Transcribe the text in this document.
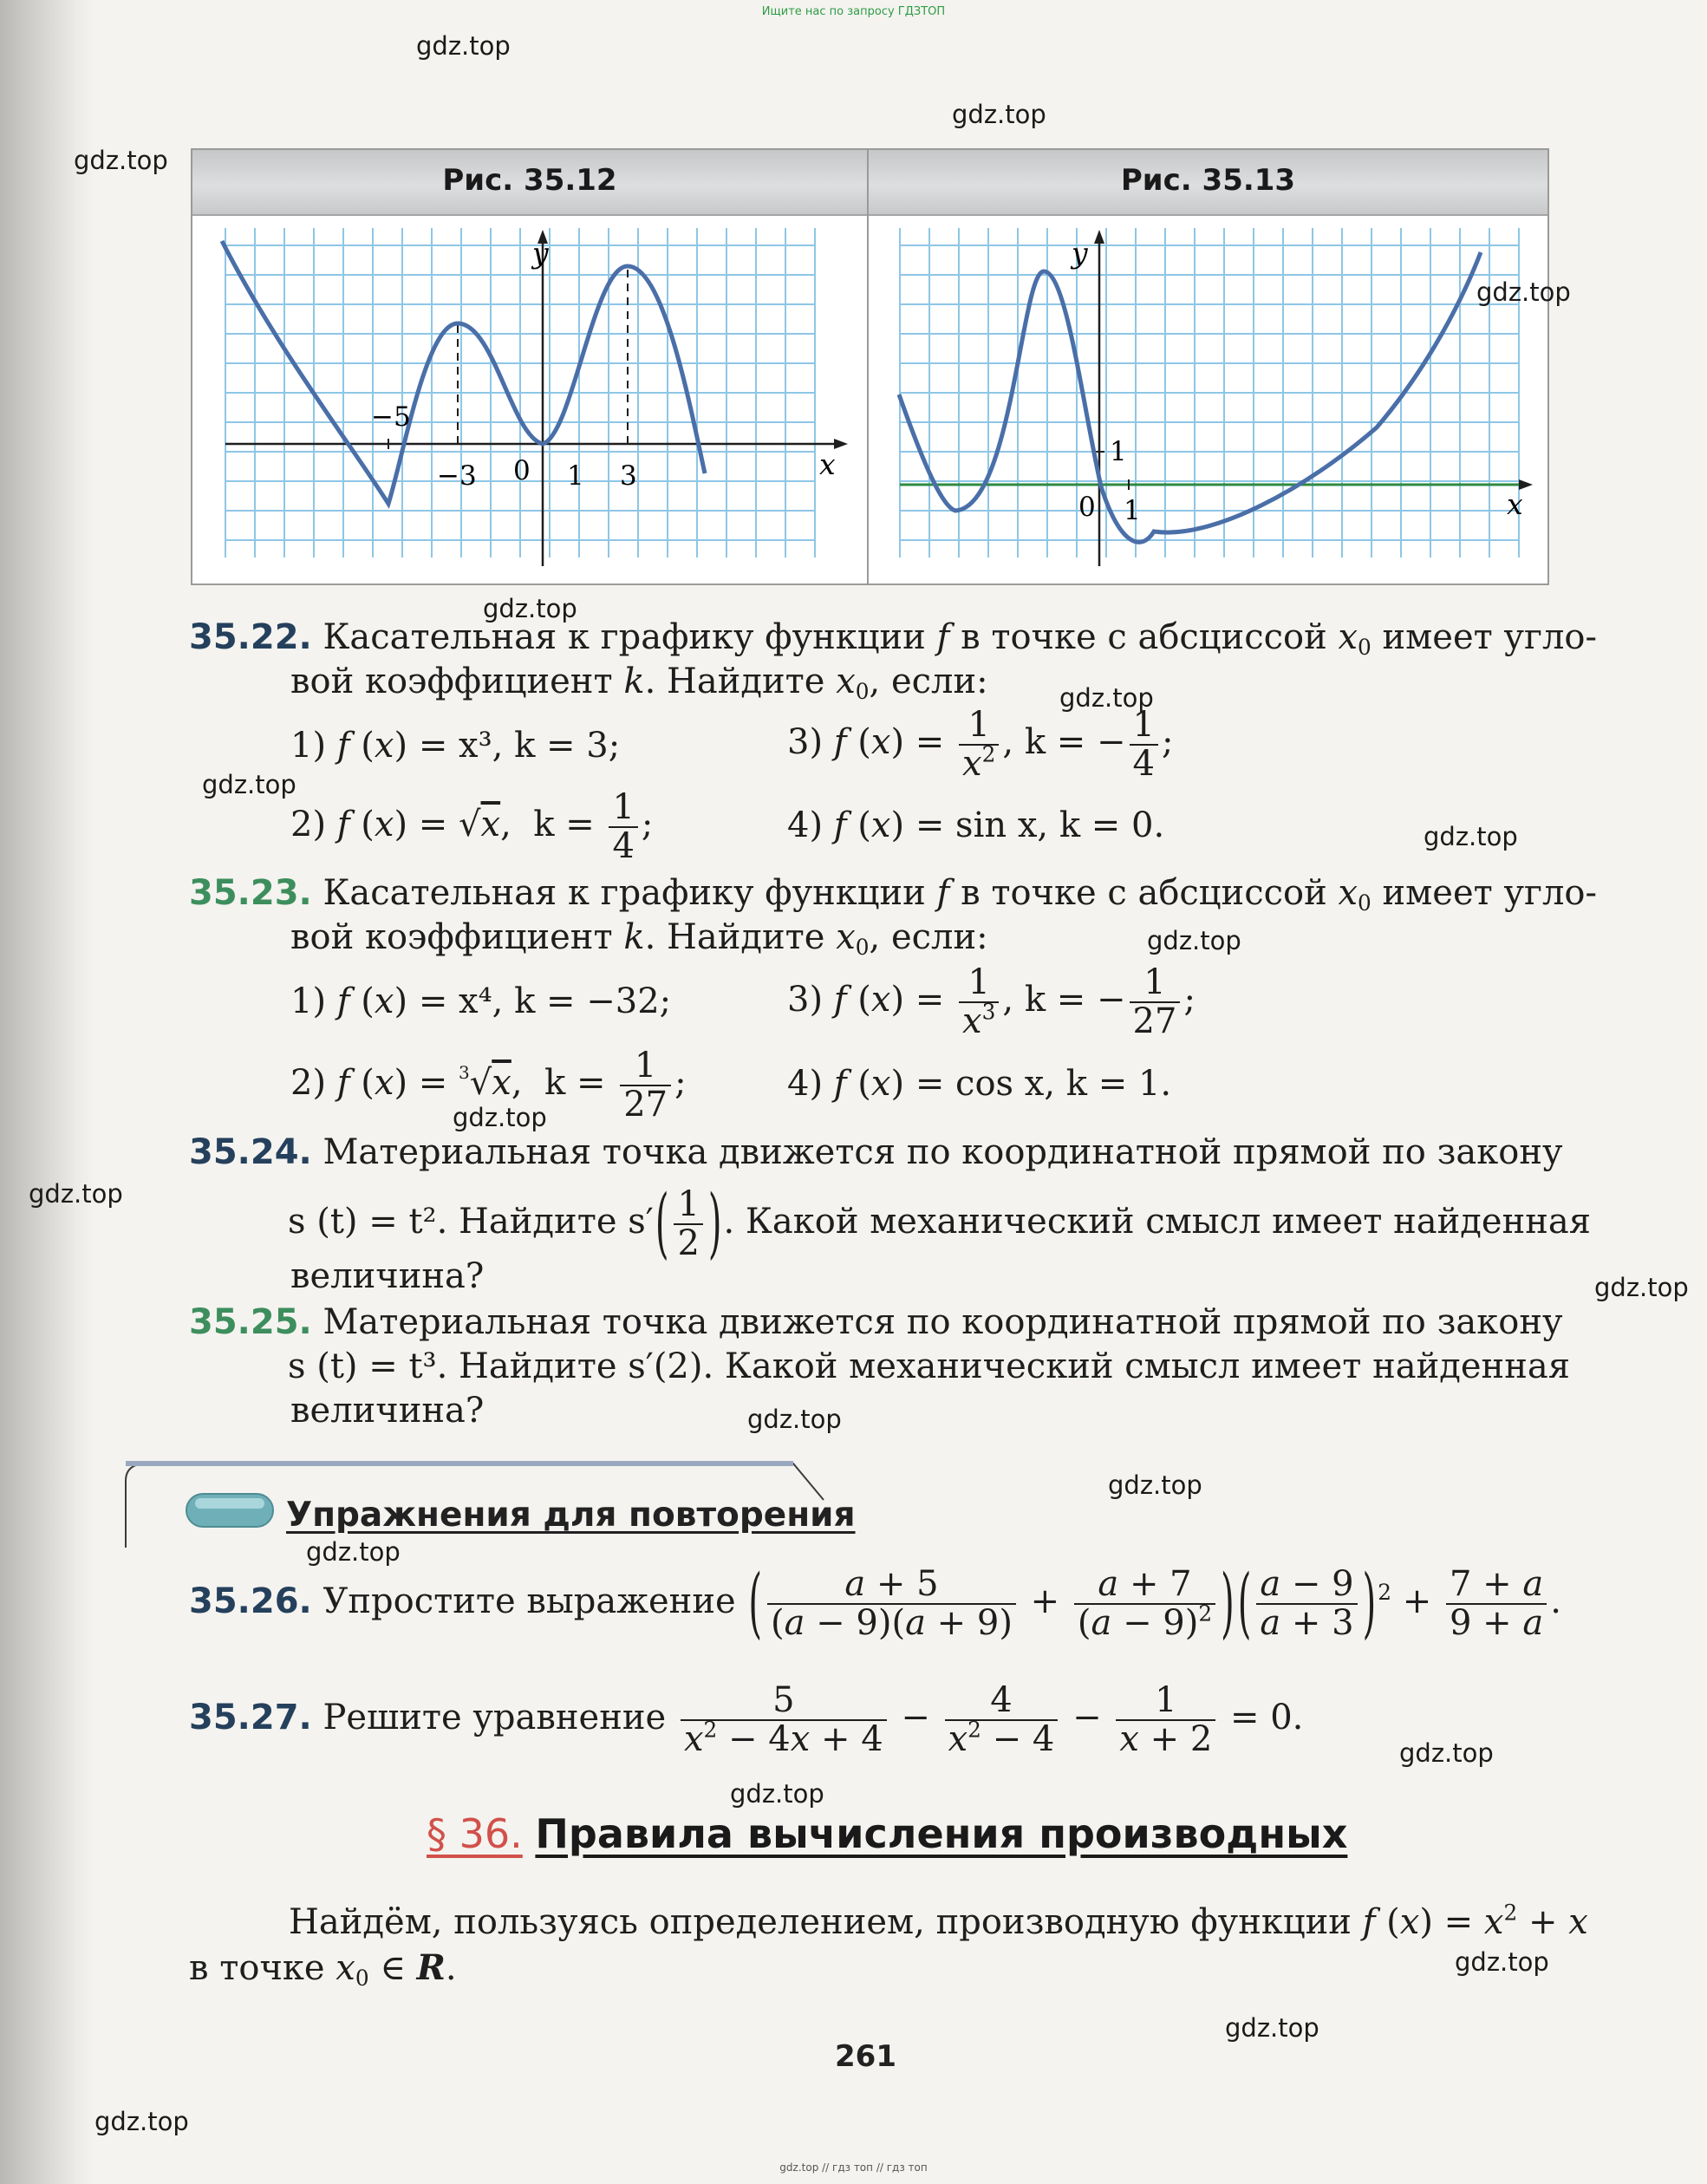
Ищите нас по запросу ГДЗТОП
Рис. 35.12	Рис. 35.13
y
x
−5
−3 0 1 3
y
x
0 1
1
35.22. Касательная к графику функции f в точке с абсциссой $x_0$ имеет угло-
вой коэффициент k. Найдите $x_0$, если:
1) f (x) = x³, k = 3;	3) f $(x) = \frac{1}{x^2}$ , k = − $\frac{1}{4}$ ;
2) f (x) = √x,  $k = \frac{1}{4}$ ;	4) f (x) = sin x, k = 0.
35.23. Касательная к графику функции f в точке с абсциссой $x_0$ имеет угло-
вой коэффициент k. Найдите $x_0$, если:
1) f (x) = x⁴, k = −32;	3) f $(x) = \frac{1}{x^3}$ , k = − $\frac{1}{27}$ ;
2) f (x) = $^3$√x,  $k = \frac{1}{27}$ ;	4) f (x) = cos x, k = 1.
35.24. Материальная точка движется по координатной прямой по закону
s (t) = t². Найдите $s'( \frac{1}{2}$ ). Какой механический смысл имеет найденная
величина?
35.25. Материальная точка движется по координатной прямой по закону
s (t) = t³. Найдите s′(2). Какой механический смысл имеет найденная
величина?
Упражнения для повторения
35.26. Упростите выражение ( $\frac{a + 5}{(a - 9)(a + 9)} + \frac{a + 7}{(a - 9)^2}$ ) ( $\frac{a - 9}{a + 3} )^2 + \frac{7 + a}{9 + a}$ .
35.27. Решите уравнение $\frac{5}{x^2 - 4x + 4} - \frac{4}{x^2 - 4} - \frac{1}{x + 2} = 0$.
§ 36. Правила вычисления производных
Найдём, пользуясь определением, производную функции f $(x) = x^2 + x$
в точке $x_0$ ∈ R.
261
gdz.top
gdz.top
gdz.top
gdz.top
gdz.top
gdz.top
gdz.top
gdz.top
gdz.top
gdz.top
gdz.top
gdz.top
gdz.top
gdz.top
gdz.top
gdz.top
gdz.top
gdz.top
gdz.top
gdz.top
gdz.top // гдз топ // гдз топ
